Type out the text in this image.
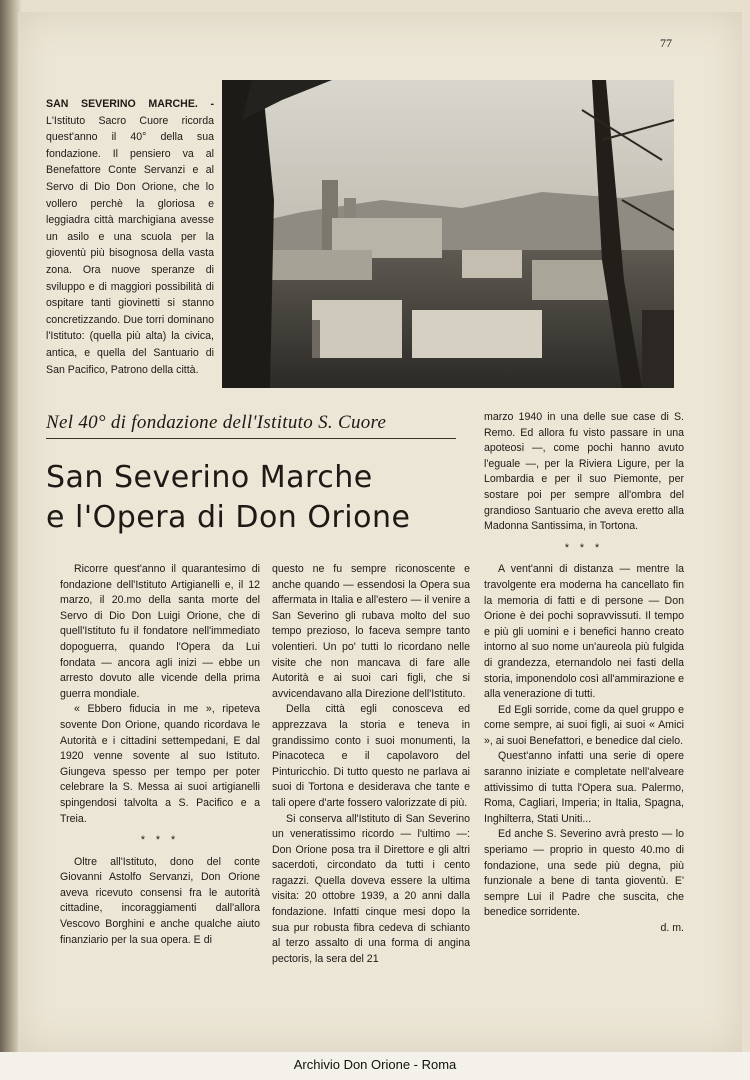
77
SAN SEVERINO MARCHE. - L'Istituto Sacro Cuore ricorda quest'anno il 40° della sua fondazione. Il pensiero va al Benefattore Conte Servanzi e al Servo di Dio Don Orione, che lo vollero perchè la gloriosa e leggiadra città marchigiana avesse un asilo e una scuola per la gioventù più bisognosa della vasta zona. Ora nuove speranze di sviluppo e di maggiori possibilità di ospitare tanti giovinetti si stanno concretizzando. Due torri dominano l'Istituto: (quella più alta) la civica, antica, e quella del Santuario di San Pacifico, Patrono della città.
Nel 40° di fondazione dell'Istituto S. Cuore
San Severino Marche
e l'Opera di Don Orione

Ricorre quest'anno il quarantesimo di fondazione dell'Istituto Artigianelli e, il 12 marzo, il 20.mo della santa morte del Servo di Dio Don Luigi Orione, che di quell'Istituto fu il fondatore nell'immediato dopoguerra, quando l'Opera da Lui fondata — ancora agli inizi — ebbe un arresto dovuto alle vicende della prima guerra mondiale.

« Ebbero fiducia in me », ripeteva sovente Don Orione, quando ricordava le Autorità e i cittadini settempedani, E dal 1920 venne sovente al suo Istituto. Giungeva spesso per tempo per poter celebrare la S. Messa ai suoi artigianelli spingendosi talvolta a S. Pacifico e a Treia.

* * *

Oltre all'Istituto, dono del conte Giovanni Astolfo Servanzi, Don Orione aveva ricevuto consensi fra le autorità cittadine, incoraggiamenti dall'allora Vescovo Borghini e anche qualche aiuto finanziario per la sua opera. E di

questo ne fu sempre riconoscente e anche quando — essendosi la Opera sua affermata in Italia e all'estero — il venire a San Severino gli rubava molto del suo tempo prezioso, lo faceva sempre tanto volentieri. Un po' tutti lo ricordano nelle visite che non mancava di fare alle Autorità e ai suoi cari figli, che si avvicendavano alla Direzione dell'Istituto.

Della città egli conosceva ed apprezzava la storia e teneva in grandissimo conto i suoi monumenti, la Pinacoteca e il capolavoro del Pinturicchio. Di tutto questo ne parlava ai suoi di Tortona e desiderava che tante e tali opere d'arte fossero valorizzate di più.

Si conserva all'Istituto di San Severino un veneratissimo ricordo — l'ultimo —: Don Orione posa tra il Direttore e gli altri sacerdoti, circondato da tutti i cento ragazzi. Quella doveva essere la ultima visita: 20 ottobre 1939, a 20 anni dalla fondazione. Infatti cinque mesi dopo la sua pur robusta fibra cedeva di schianto al terzo assalto di una forma di angina pectoris, la sera del 21

marzo 1940 in una delle sue case di S. Remo. Ed allora fu visto passare in una apoteosi —, come pochi hanno avuto l'eguale —, per la Riviera Ligure, per la Lombardia e per il suo Piemonte, per sostare poi per sempre all'ombra del grandioso Santuario che aveva eretto alla Madonna Santissima, in Tortona.

* * *

A vent'anni di distanza — mentre la travolgente era moderna ha cancellato fin la memoria di fatti e di persone — Don Orione è dei pochi sopravvissuti. Il tempo e più gli uomini e i benefici hanno creato intorno al suo nome un'aureola più fulgida di grandezza, eternandolo nei fasti della storia, imponendolo così all'ammirazione e alla venerazione di tutti.

Ed Egli sorride, come da quel gruppo e come sempre, ai suoi figli, ai suoi « Amici », ai suoi Benefattori, e benedice dal cielo.

Quest'anno infatti una serie di opere saranno iniziate e completate nell'alveare attivissimo di tutta l'Opera sua. Palermo, Roma, Cagliari, Imperia; in Italia, Spagna, Inghilterra, Stati Uniti...

Ed anche S. Severino avrà presto — lo speriamo — proprio in questo 40.mo di fondazione, una sede più degna, più funzionale a bene di tanta gioventù. E' sempre Lui il Padre che suscita, che benedice sorridente.

d. m.

Archivio Don Orione - Roma
